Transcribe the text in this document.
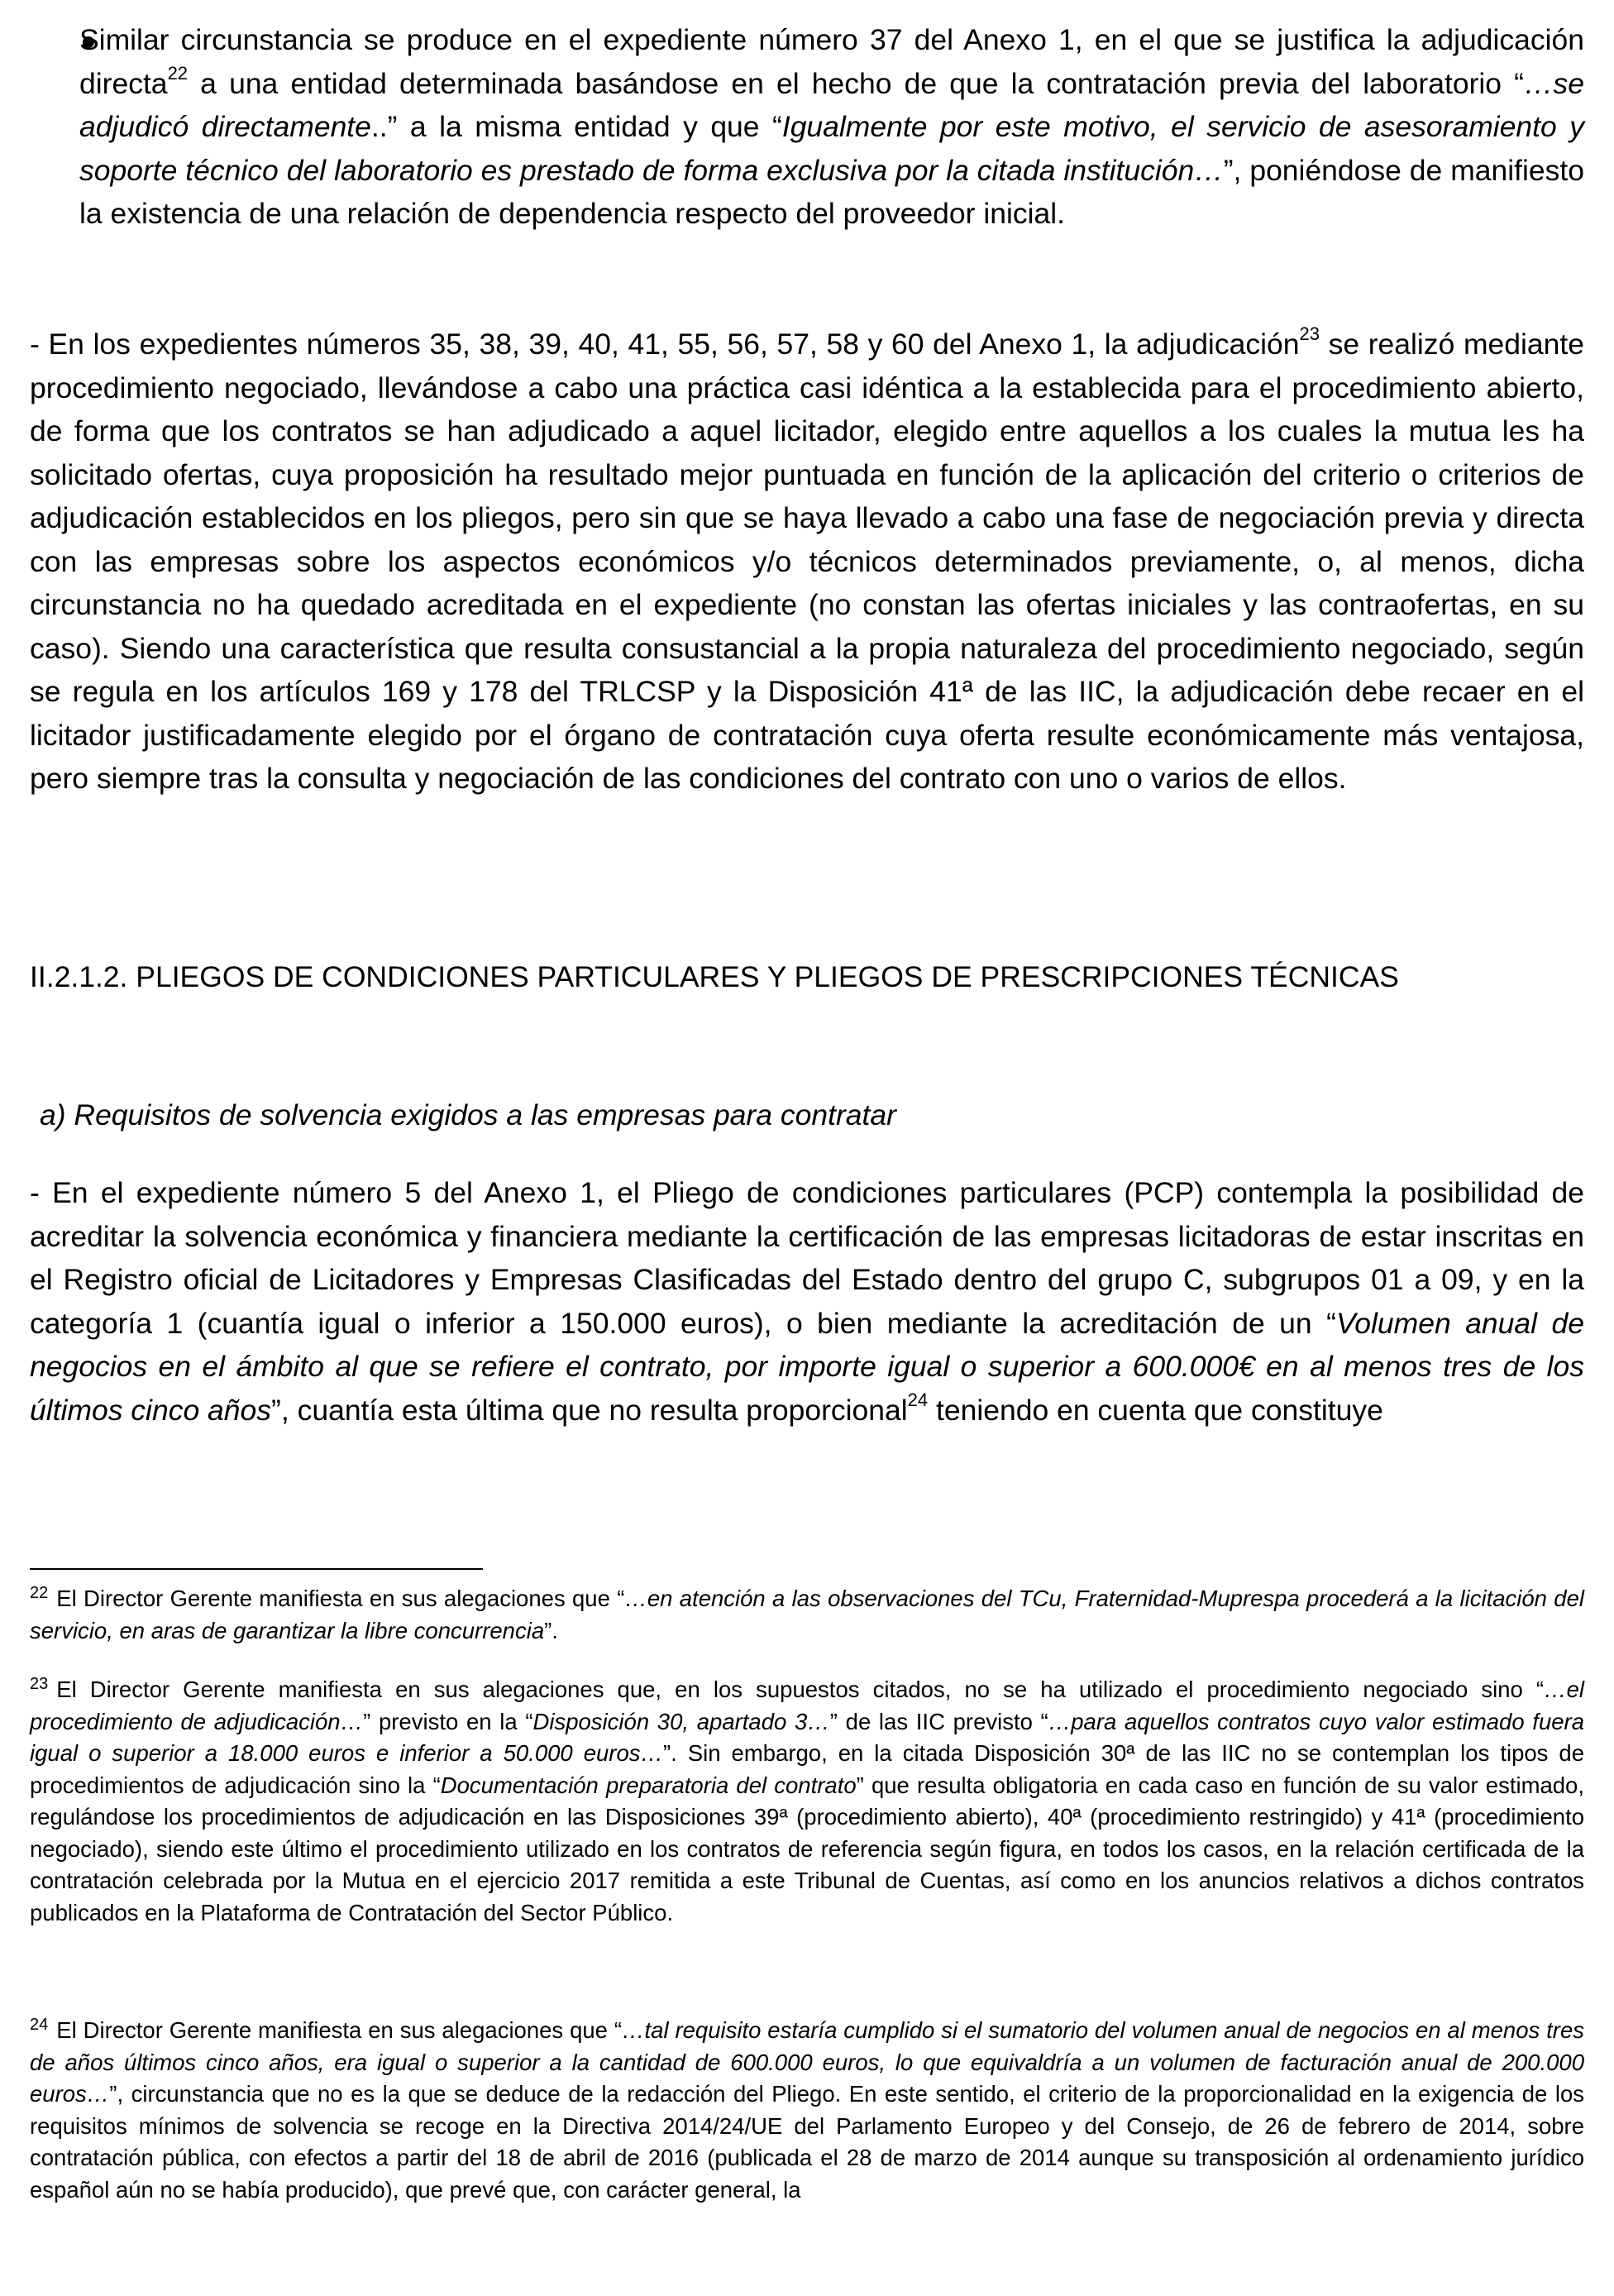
Similar circunstancia se produce en el expediente número 37 del Anexo 1, en el que se justifica la adjudicación directa$^{22}$ a una entidad determinada basándose en el hecho de que la contratación previa del laboratorio “…se adjudicó directamente..” a la misma entidad y que “Igualmente por este motivo, el servicio de asesoramiento y soporte técnico del laboratorio es prestado de forma exclusiva por la citada institución…”, poniéndose de manifiesto la existencia de una relación de dependencia respecto del proveedor inicial.
- En los expedientes números 35, 38, 39, 40, 41, 55, 56, 57, 58 y 60 del Anexo 1, la adjudicación$^{23}$ se realizó mediante procedimiento negociado, llevándose a cabo una práctica casi idéntica a la establecida para el procedimiento abierto, de forma que los contratos se han adjudicado a aquel licitador, elegido entre aquellos a los cuales la mutua les ha solicitado ofertas, cuya proposición ha resultado mejor puntuada en función de la aplicación del criterio o criterios de adjudicación establecidos en los pliegos, pero sin que se haya llevado a cabo una fase de negociación previa y directa con las empresas sobre los aspectos económicos y/o técnicos determinados previamente, o, al menos, dicha circunstancia no ha quedado acreditada en el expediente (no constan las ofertas iniciales y las contraofertas, en su caso). Siendo una característica que resulta consustancial a la propia naturaleza del procedimiento negociado, según se regula en los artículos 169 y 178 del TRLCSP y la Disposición 41ª de las IIC, la adjudicación debe recaer en el licitador justificadamente elegido por el órgano de contratación cuya oferta resulte económicamente más ventajosa, pero siempre tras la consulta y negociación de las condiciones del contrato con uno o varios de ellos.
II.2.1.2. PLIEGOS DE CONDICIONES PARTICULARES Y PLIEGOS DE PRESCRIPCIONES TÉCNICAS
a) Requisitos de solvencia exigidos a las empresas para contratar
- En el expediente número 5 del Anexo 1, el Pliego de condiciones particulares (PCP) contempla la posibilidad de acreditar la solvencia económica y financiera mediante la certificación de las empresas licitadoras de estar inscritas en el Registro oficial de Licitadores y Empresas Clasificadas del Estado dentro del grupo C, subgrupos 01 a 09, y en la categoría 1 (cuantía igual o inferior a 150.000 euros), o bien mediante la acreditación de un “Volumen anual de negocios en el ámbito al que se refiere el contrato, por importe igual o superior a 600.000€ en al menos tres de los últimos cinco años”, cuantía esta última que no resulta proporcional$^{24}$ teniendo en cuenta que constituye
$^{22}$ El Director Gerente manifiesta en sus alegaciones que “…en atención a las observaciones del TCu, Fraternidad-Muprespa procederá a la licitación del servicio, en aras de garantizar la libre concurrencia”.
$^{23}$ El Director Gerente manifiesta en sus alegaciones que, en los supuestos citados, no se ha utilizado el procedimiento negociado sino “…el procedimiento de adjudicación…” previsto en la “Disposición 30, apartado 3…” de las IIC previsto “…para aquellos contratos cuyo valor estimado fuera igual o superior a 18.000 euros e inferior a 50.000 euros…”. Sin embargo, en la citada Disposición 30ª de las IIC no se contemplan los tipos de procedimientos de adjudicación sino la “Documentación preparatoria del contrato” que resulta obligatoria en cada caso en función de su valor estimado, regulándose los procedimientos de adjudicación en las Disposiciones 39ª (procedimiento abierto), 40ª (procedimiento restringido) y 41ª (procedimiento negociado), siendo este último el procedimiento utilizado en los contratos de referencia según figura, en todos los casos, en la relación certificada de la contratación celebrada por la Mutua en el ejercicio 2017 remitida a este Tribunal de Cuentas, así como en los anuncios relativos a dichos contratos publicados en la Plataforma de Contratación del Sector Público.
$^{24}$ El Director Gerente manifiesta en sus alegaciones que “…tal requisito estaría cumplido si el sumatorio del volumen anual de negocios en al menos tres de años últimos cinco años, era igual o superior a la cantidad de 600.000 euros, lo que equivaldría a un volumen de facturación anual de 200.000 euros…”, circunstancia que no es la que se deduce de la redacción del Pliego. En este sentido, el criterio de la proporcionalidad en la exigencia de los requisitos mínimos de solvencia se recoge en la Directiva 2014/24/UE del Parlamento Europeo y del Consejo, de 26 de febrero de 2014, sobre contratación pública, con efectos a partir del 18 de abril de 2016 (publicada el 28 de marzo de 2014 aunque su transposición al ordenamiento jurídico español aún no se había producido), que prevé que, con carácter general, la
